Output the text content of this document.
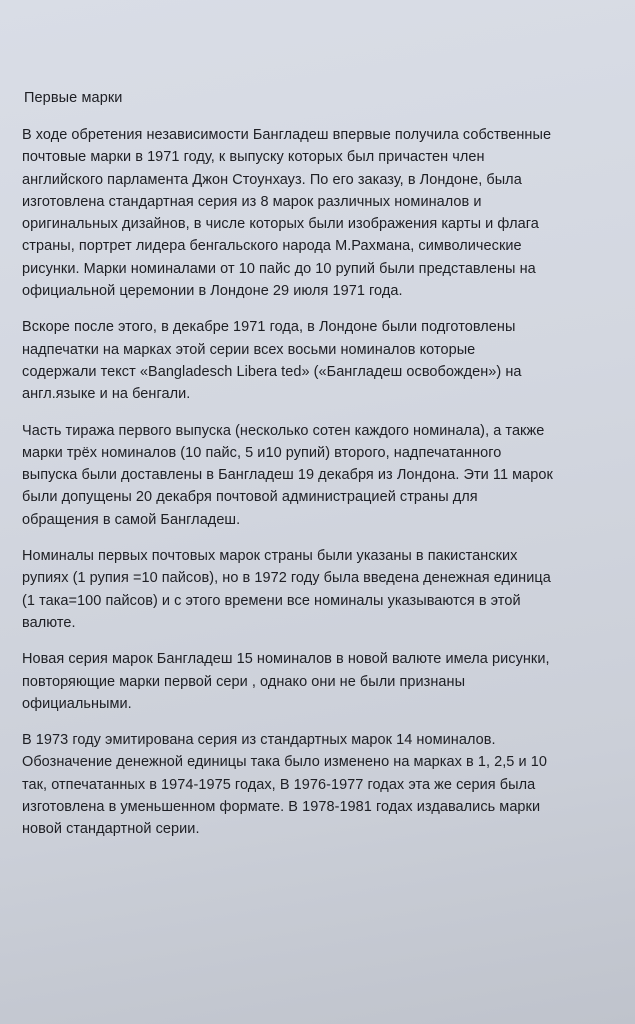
Первые марки
В ходе обретения независимости Бангладеш впервые получила собственные
почтовые марки в 1971 году, к выпуску которых был причастен член
английского парламента Джон Стоунхауз. По его заказу, в Лондоне, была
изготовлена стандартная серия из 8 марок различных номиналов и
оригинальных дизайнов, в числе которых были изображения карты и флага
страны, портрет лидера бенгальского народа М.Рахмана, символические
рисунки. Марки номиналами от 10 пайс до 10 рупий были представлены на
официальной церемонии в Лондоне 29 июля 1971 года.
Вскоре после этого, в декабре 1971 года, в Лондоне были подготовлены
надпечатки на марках этой серии всех восьми номиналов которые
содержали текст «Bangladesch Libera ted» («Бангладеш освобожден») на
англ.языке и на бенгали.
Часть тиража первого выпуска (несколько сотен каждого номинала), а также
марки трёх номиналов (10 пайс, 5 и10 рупий) второго, надпечатанного
выпуска были доставлены в Бангладеш 19 декабря из Лондона. Эти 11 марок
были допущены 20 декабря почтовой администрацией страны для
обращения в самой Бангладеш.
Номиналы первых почтовых марок страны были указаны в пакистанских
рупиях (1 рупия =10 пайсов), но в 1972 году была введена денежная единица
(1 така=100 пайсов) и с этого времени все номиналы указываются в этой
валюте.
Новая серия марок Бангладеш 15 номиналов в новой валюте имела рисунки,
повторяющие марки первой сери , однако они не были признаны
официальными.
В 1973 году эмитирована серия из стандартных марок 14 номиналов.
Обозначение денежной единицы така было изменено на марках в 1, 2,5 и 10
так, отпечатанных в 1974-1975 годах, В 1976-1977 годах эта же серия была
изготовлена в уменьшенном формате. В 1978-1981 годах издавались марки
новой стандартной серии.
